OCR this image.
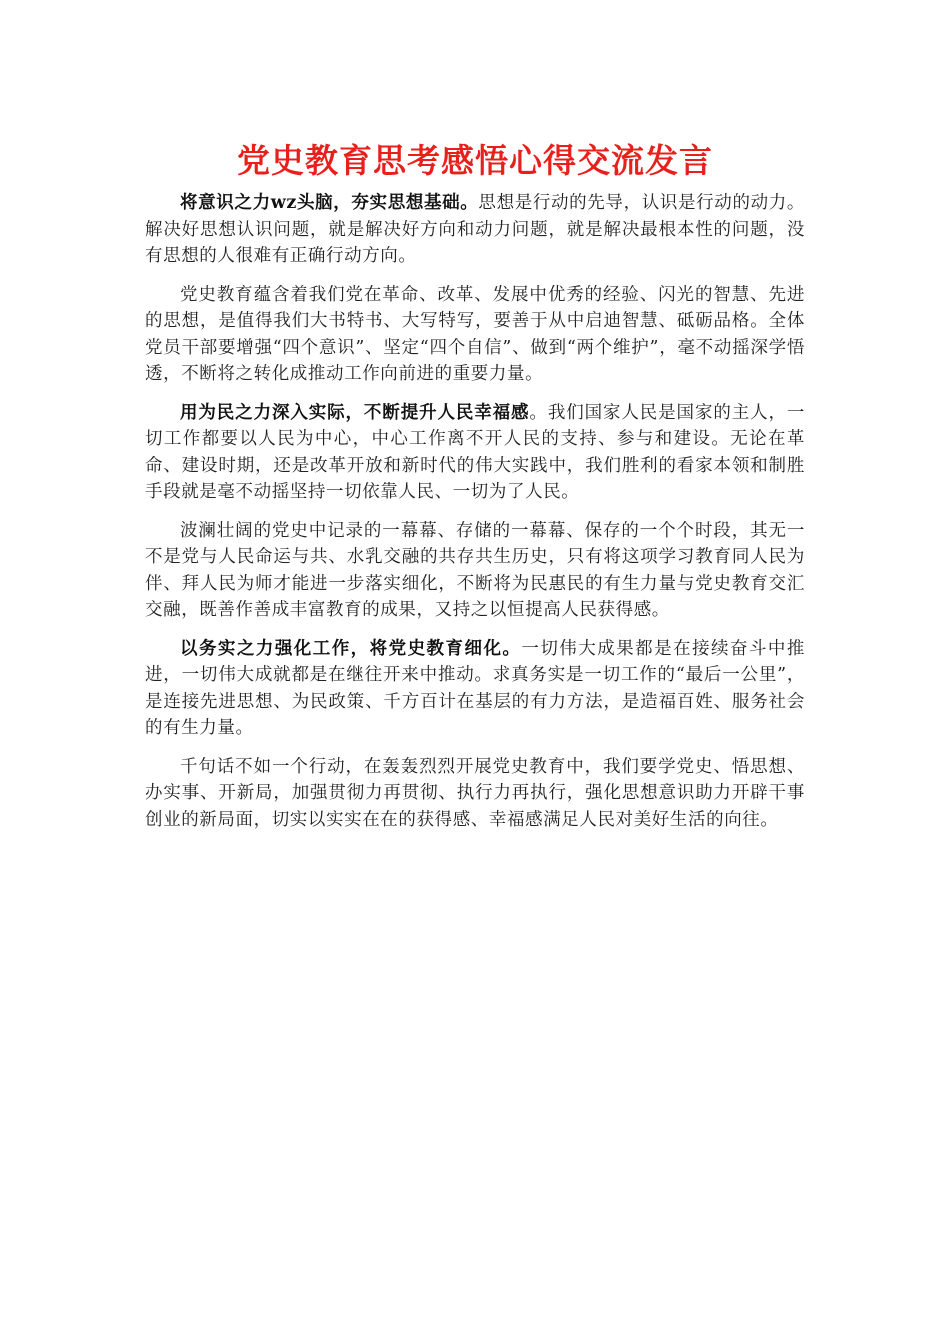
党史教育思考感悟心得交流发言

将意识之力wz头脑，夯实思想基础。思想是行动的先导，认识是行动的动力。解决好思想认识问题，就是解决好方向和动力问题，就是解决最根本性的问题，没有思想的人很难有正确行动方向。

党史教育蕴含着我们党在革命、改革、发展中优秀的经验、闪光的智慧、先进的思想，是值得我们大书特书、大写特写，要善于从中启迪智慧、砥砺品格。全体党员干部要增强“四个意识”、坚定“四个自信”、做到“两个维护”，毫不动摇深学悟透，不断将之转化成推动工作向前进的重要力量。

用为民之力深入实际，不断提升人民幸福感。我们国家人民是国家的主人，一切工作都要以人民为中心，中心工作离不开人民的支持、参与和建设。无论在革命、建设时期，还是改革开放和新时代的伟大实践中，我们胜利的看家本领和制胜手段就是毫不动摇坚持一切依靠人民、一切为了人民。

波澜壮阔的党史中记录的一幕幕、存储的一幕幕、保存的一个个时段，其无一不是党与人民命运与共、水乳交融的共存共生历史，只有将这项学习教育同人民为伴、拜人民为师才能进一步落实细化，不断将为民惠民的有生力量与党史教育交汇交融，既善作善成丰富教育的成果，又持之以恒提高人民获得感。

以务实之力强化工作，将党史教育细化。一切伟大成果都是在接续奋斗中推进，一切伟大成就都是在继往开来中推动。求真务实是一切工作的“最后一公里”，是连接先进思想、为民政策、千方百计在基层的有力方法，是造福百姓、服务社会的有生力量。

千句话不如一个行动，在轰轰烈烈开展党史教育中，我们要学党史、悟思想、办实事、开新局，加强贯彻力再贯彻、执行力再执行，强化思想意识助力开辟干事创业的新局面，切实以实实在在的获得感、幸福感满足人民对美好生活的向往。
